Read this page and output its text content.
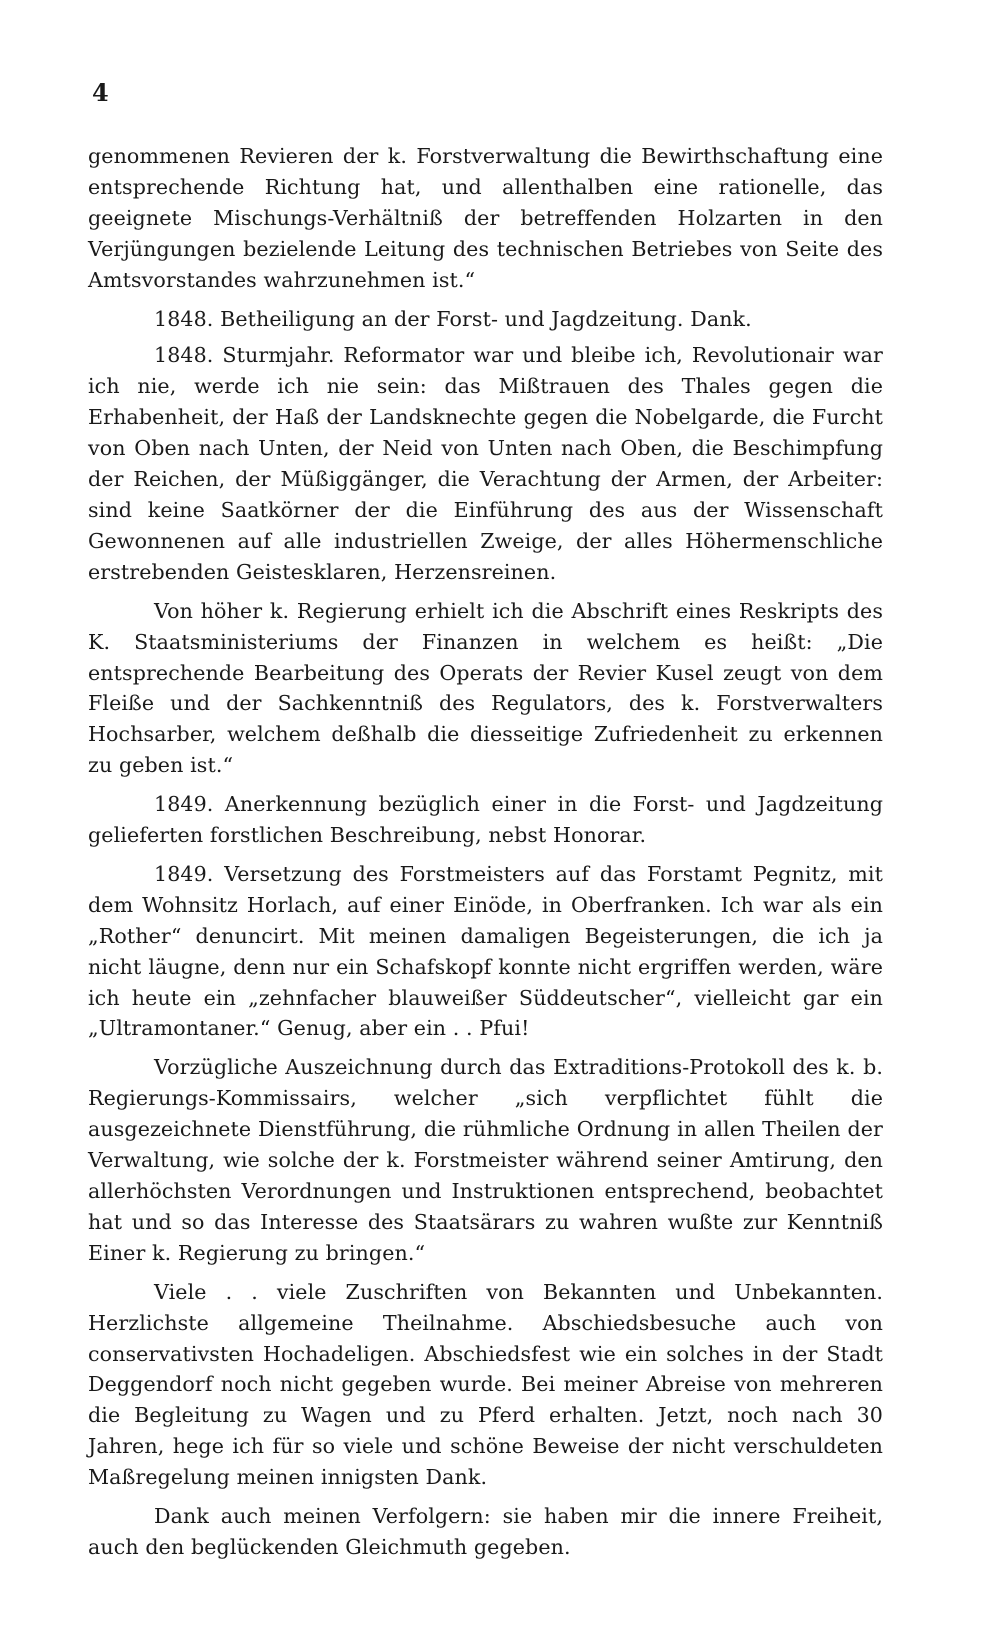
4

genommenen Revieren der k. Forstverwaltung die Bewirthschaftung eine entsprechende Richtung hat, und allenthalben eine rationelle, das geeignete Mischungs-Verhältniß der betreffenden Holzarten in den Verjüngungen bezielende Leitung des technischen Betriebes von Seite des Amtsvorstandes wahrzunehmen ist.“

1848. Betheiligung an der Forst- und Jagdzeitung. Dank.

1848. Sturmjahr. Reformator war und bleibe ich, Revolutionair war ich nie, werde ich nie sein: das Mißtrauen des Thales gegen die Erhabenheit, der Haß der Landsknechte gegen die Nobelgarde, die Furcht von Oben nach Unten, der Neid von Unten nach Oben, die Beschimpfung der Reichen, der Müßiggänger, die Verachtung der Armen, der Arbeiter: sind keine Saatkörner der die Einführung des aus der Wissenschaft Gewonnenen auf alle industriellen Zweige, der alles Höhermenschliche erstrebenden Geistesklaren, Herzensreinen.

Von höher k. Regierung erhielt ich die Abschrift eines Reskripts des K. Staatsministeriums der Finanzen in welchem es heißt: „Die entsprechende Bearbeitung des Operats der Revier Kusel zeugt von dem Fleiße und der Sachkenntniß des Regulators, des k. Forstverwalters Hochsarber, welchem deßhalb die diesseitige Zufriedenheit zu erkennen zu geben ist.“

1849. Anerkennung bezüglich einer in die Forst- und Jagdzeitung gelieferten forstlichen Beschreibung, nebst Honorar.

1849. Versetzung des Forstmeisters auf das Forstamt Pegnitz, mit dem Wohnsitz Horlach, auf einer Einöde, in Oberfranken. Ich war als ein „Rother“ denuncirt. Mit meinen damaligen Begeisterungen, die ich ja nicht läugne, denn nur ein Schafskopf konnte nicht ergriffen werden, wäre ich heute ein „zehnfacher blauweißer Süddeutscher“, vielleicht gar ein „Ultramontaner.“ Genug, aber ein . . Pfui!

Vorzügliche Auszeichnung durch das Extraditions-Protokoll des k. b. Regierungs-Kommissairs, welcher „sich verpflichtet fühlt die ausgezeichnete Dienstführung, die rühmliche Ordnung in allen Theilen der Verwaltung, wie solche der k. Forstmeister während seiner Amtirung, den allerhöchsten Verordnungen und Instruktionen entsprechend, beobachtet hat und so das Interesse des Staatsärars zu wahren wußte zur Kenntniß Einer k. Regierung zu bringen.“

Viele . . viele Zuschriften von Bekannten und Unbekannten. Herzlichste allgemeine Theilnahme. Abschiedsbesuche auch von conservativsten Hochadeligen. Abschiedsfest wie ein solches in der Stadt Deggendorf noch nicht gegeben wurde. Bei meiner Abreise von mehreren die Begleitung zu Wagen und zu Pferd erhalten. Jetzt, noch nach 30 Jahren, hege ich für so viele und schöne Beweise der nicht verschuldeten Maßregelung meinen innigsten Dank.

Dank auch meinen Verfolgern: sie haben mir die innere Freiheit, auch den beglückenden Gleichmuth gegeben.
